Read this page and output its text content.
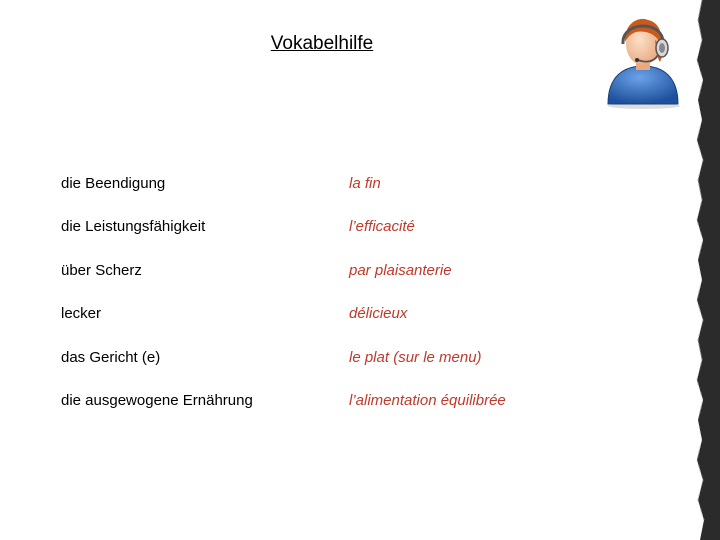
Vokabelhilfe
die Beendigung	la fin
die Leistungsfähigkeit	l’efficacité
über Scherz	par plaisanterie
lecker	délicieux
das Gericht (e)	le plat (sur le menu)
die ausgewogene Ernährung	l’alimentation équilibrée
